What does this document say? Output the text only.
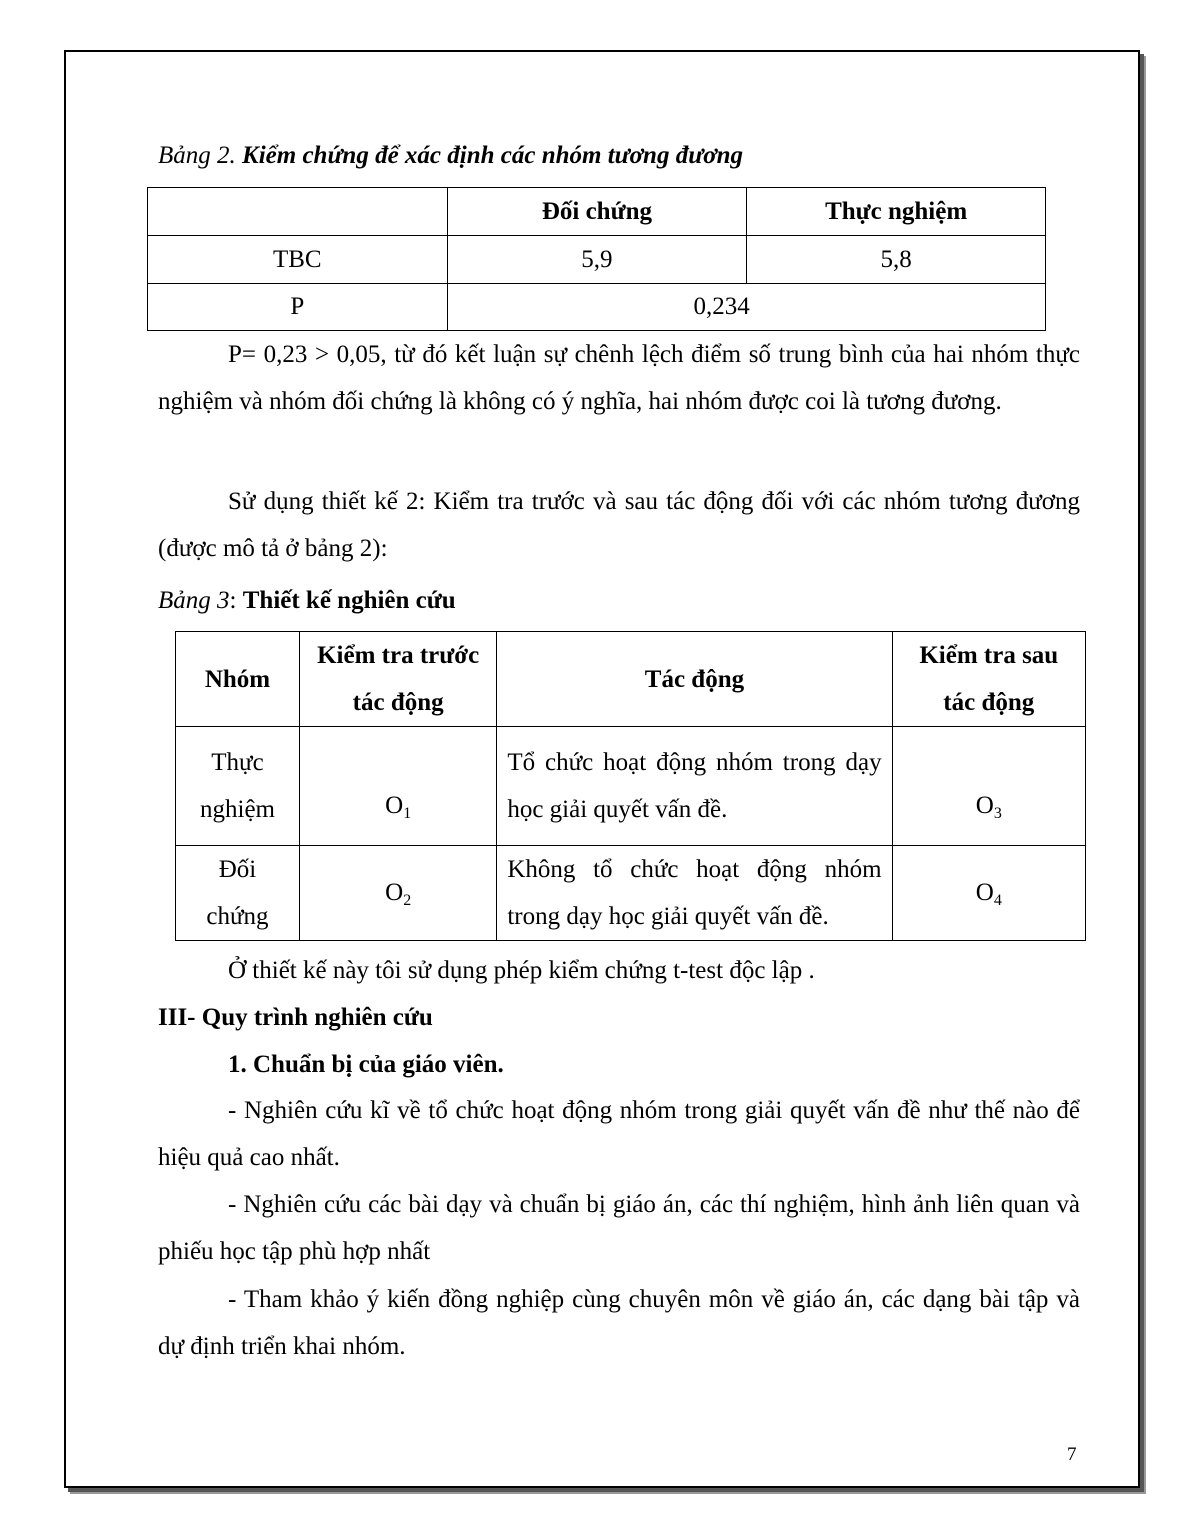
Bảng 2. Kiểm chứng để xác định các nhóm tương đương
	Đối chứng	Thực nghiệm
TBC	5,9	5,8
P	0,234	
P= 0,23 > 0,05, từ đó kết luận sự chênh lệch điểm số trung bình của hai nhóm thực nghiệm và nhóm đối chứng là không có ý nghĩa, hai nhóm được coi là tương đương.
Sử dụng thiết kế 2: Kiểm tra trước và sau tác động đối với các nhóm tương đương (được mô tả ở bảng 2):
Bảng 3: Thiết kế nghiên cứu
Nhóm	Kiểm tra trước tác động	Tác động	Kiểm tra sau tác động
Thực nghiệm	$O_1$	Tổ chức hoạt động nhóm trong dạy học giải quyết vấn đề.	$O_3$
Đối chứng	$O_2$	Không tổ chức hoạt động nhóm trong dạy học giải quyết vấn đề.	$O_4$
Ở thiết kế này tôi sử dụng phép kiểm chứng t-test độc lập .
III- Quy trình nghiên cứu
1. Chuẩn bị của giáo viên.
- Nghiên cứu kĩ về tổ chức hoạt động nhóm trong giải quyết vấn đề như thế nào để hiệu quả cao nhất.
- Nghiên cứu các bài dạy và chuẩn bị giáo án, các thí nghiệm, hình ảnh liên quan và phiếu học tập phù hợp nhất
- Tham khảo ý kiến đồng nghiệp cùng chuyên môn về giáo án, các dạng bài tập và dự định triển khai nhóm.
7
